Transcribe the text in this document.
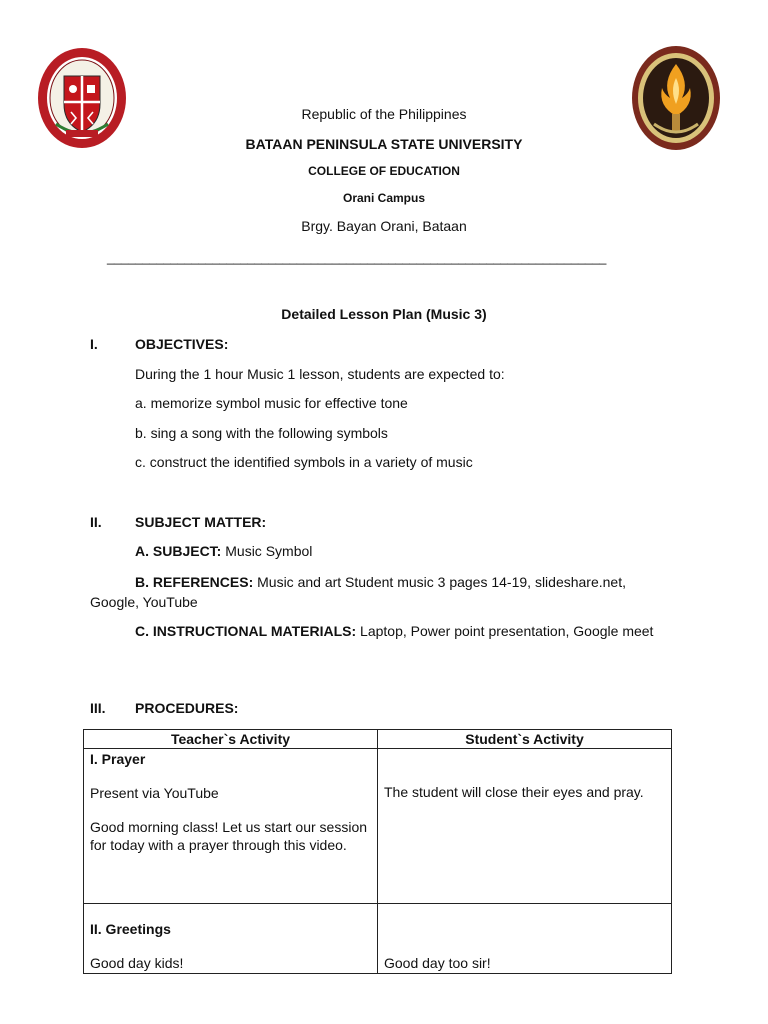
Republic of the Philippines
BATAAN PENINSULA STATE UNIVERSITY
COLLEGE OF EDUCATION
Orani Campus
Brgy. Bayan Orani, Bataan
_______________________________________________________________________
Detailed Lesson Plan (Music 3)
I.	OBJECTIVES:
During the 1 hour Music 1 lesson, students are expected to:
a. memorize symbol music for effective tone
b. sing a song with the following symbols
c. construct the identified symbols in a variety of music
II. SUBJECT MATTER:
A. SUBJECT: Music Symbol
B. REFERENCES: Music and art Student music 3 pages 14-19, slideshare.net, Google, YouTube
C. INSTRUCTIONAL MATERIALS: Laptop, Power point presentation, Google meet
III. PROCEDURES:
Teacher`s Activity	Student`s Activity

I. Prayer

Present via YouTube

Good morning class! Let us start our session for today with a prayer through this video.	The student will close their eyes and pray.

II. Greetings

Good day kids!	Good day too sir!
